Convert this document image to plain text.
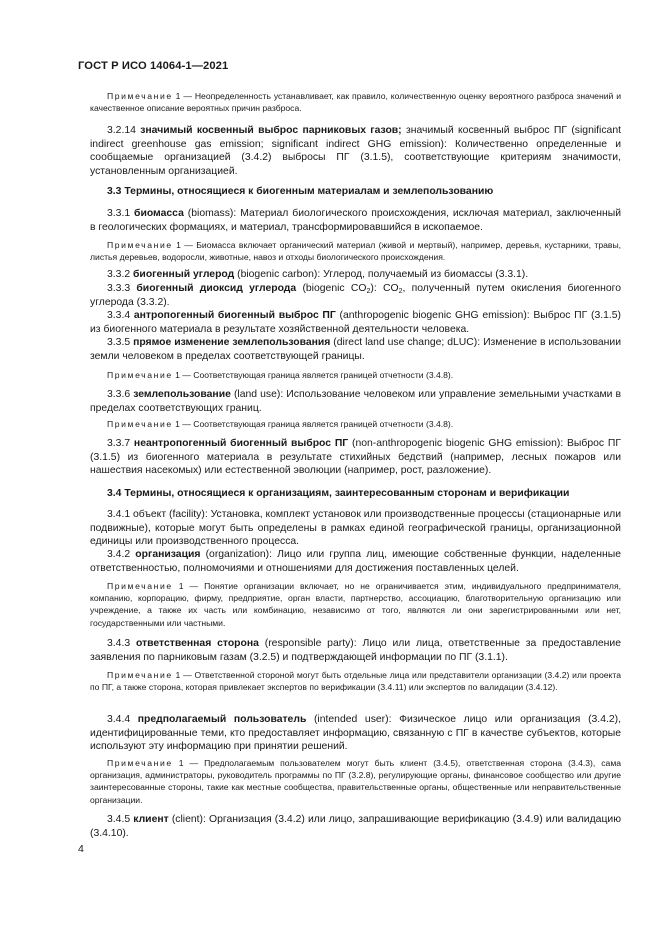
ГОСТ Р ИСО 14064-1—2021

Примечание 1 — Неопределенность устанавливает, как правило, количественную оценку вероятного разброса значений и качественное описание вероятных причин разброса.

3.2.14 значимый косвенный выброс парниковых газов; значимый косвенный выброс ПГ (significant indirect greenhouse gas emission; significant indirect GHG emission): Количественно определенные и сообщаемые организацией (3.4.2) выбросы ПГ (3.1.5), соответствующие критериям значимости, установленным организацией.

3.3 Термины, относящиеся к биогенным материалам и землепользованию

3.3.1 биомасса (biomass): Материал биологического происхождения, исключая материал, заключенный в геологических формациях, и материал, трансформировавшийся в ископаемое.

Примечание 1 — Биомасса включает органический материал (живой и мертвый), например, деревья, кустарники, травы, листья деревьев, водоросли, животные, навоз и отходы биологического происхождения.

3.3.2 биогенный углерод (biogenic carbon): Углерод, получаемый из биомассы (3.3.1).

3.3.3 биогенный диоксид углерода (biogenic $CO_2$): $CO_2$, полученный путем окисления биогенного углерода (3.3.2).

3.3.4 антропогенный биогенный выброс ПГ (anthropogenic biogenic GHG emission): Выброс ПГ (3.1.5) из биогенного материала в результате хозяйственной деятельности человека.

3.3.5 прямое изменение землепользования (direct land use change; dLUC): Изменение в использовании земли человеком в пределах соответствующей границы.

Примечание 1 — Соответствующая граница является границей отчетности (3.4.8).

3.3.6 землепользование (land use): Использование человеком или управление земельными участками в пределах соответствующих границ.

Примечание 1 — Соответствующая граница является границей отчетности (3.4.8).

3.3.7 неантропогенный биогенный выброс ПГ (non-anthropogenic biogenic GHG emission): Выброс ПГ (3.1.5) из биогенного материала в результате стихийных бедствий (например, лесных пожаров или нашествия насекомых) или естественной эволюции (например, рост, разложение).

3.4 Термины, относящиеся к организациям, заинтересованным сторонам и верификации

3.4.1 объект (facility): Установка, комплект установок или производственные процессы (стационарные или подвижные), которые могут быть определены в рамках единой географической границы, организационной единицы или производственного процесса.

3.4.2 организация (organization): Лицо или группа лиц, имеющие собственные функции, наделенные ответственностью, полномочиями и отношениями для достижения поставленных целей.

Примечание 1 — Понятие организации включает, но не ограничивается этим, индивидуального предпринимателя, компанию, корпорацию, фирму, предприятие, орган власти, партнерство, ассоциацию, благотворительную организацию или учреждение, а также их часть или комбинацию, независимо от того, являются ли они зарегистрированными или нет, государственными или частными.

3.4.3 ответственная сторона (responsible party): Лицо или лица, ответственные за предоставление заявления по парниковым газам (3.2.5) и подтверждающей информации по ПГ (3.1.1).

Примечание 1 — Ответственной стороной могут быть отдельные лица или представители организации (3.4.2) или проекта по ПГ, а также сторона, которая привлекает экспертов по верификации (3.4.11) или экспертов по валидации (3.4.12).

3.4.4 предполагаемый пользователь (intended user): Физическое лицо или организация (3.4.2), идентифицированные теми, кто предоставляет информацию, связанную с ПГ в качестве субъектов, которые используют эту информацию при принятии решений.

Примечание 1 — Предполагаемым пользователем могут быть клиент (3.4.5), ответственная сторона (3.4.3), сама организация, администраторы, руководитель программы по ПГ (3.2.8), регулирующие органы, финансовое сообщество или другие заинтересованные стороны, такие как местные сообщества, правительственные органы, общественные или неправительственные организации.

3.4.5 клиент (client): Организация (3.4.2) или лицо, запрашивающие верификацию (3.4.9) или валидацию (3.4.10).

4
